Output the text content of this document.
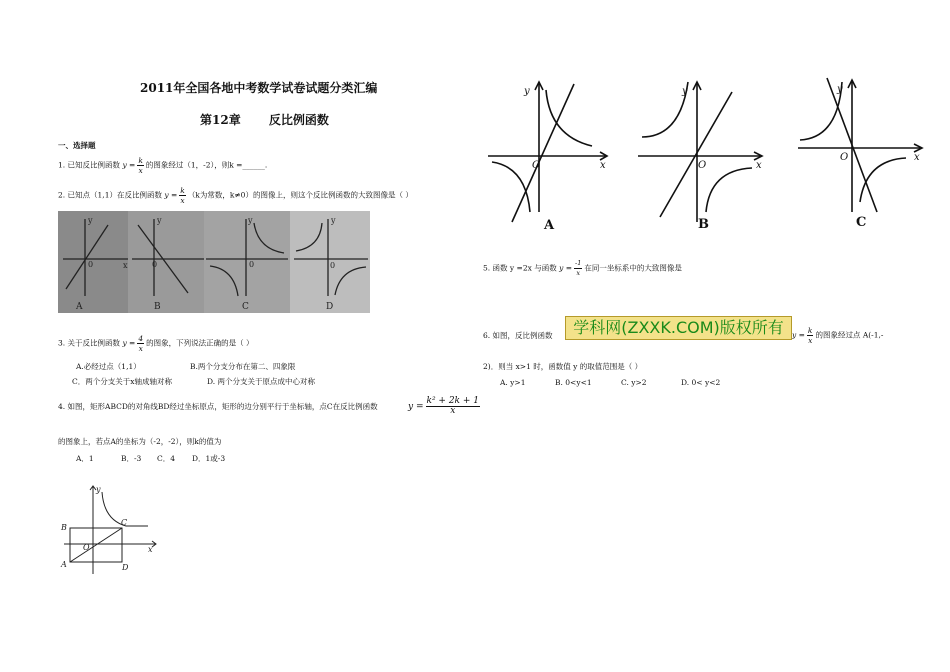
2011年全国各地中考数学试卷试题分类汇编
第12章 反比例函数
一、选择题
1. 已知反比例函数 $y = \frac{k}{x}$ 的图象经过（1，-2），则k =______.
2. 已知点（1,1）在反比例函数 $y = \frac{k}{x} (k$为常数，k≠0）的图像上，则这个反比例函数的大致图像是（ ）
y
x
0
y
0
y
0
y
0
A	B	C	D
3. 关于反比例函数 $y = \frac{4}{x}$ 的图象，下列说法正确的是（ ）
A.必经过点（1,1）	B.两个分支分布在第二、四象限
C．两个分支关于x轴成轴对称	D. 两个分支关于原点成中心对称
4. 如图，矩形ABCD的对角线BD经过坐标原点，矩形的边分别平行于坐标轴，点C在反比例函数	$y = \frac{\text{k² + 2k + 1}}{x}$
的图象上，若点A的坐标为（-2，-2），则k的值为
A．1	B．-3 C．4 D．1或-3
y
x
B
C
O
A	D
y
x
O
y
x
O
y
x
O
A	B	C
5. 函数 y =2x 与函数 $y = \frac{-1}{x}$ 在同一坐标系中的大致图像是
6. 如图，反比例函数	$y = \frac{k}{x}$ 的图象经过点 A(-1,-
2)．则当 x>1 时，函数值 y 的取值范围是（ ）
A. y>1	B. 0<y<1	C. y>2	D. 0< y<2
学科网(ZXXK.COM)版权所有
